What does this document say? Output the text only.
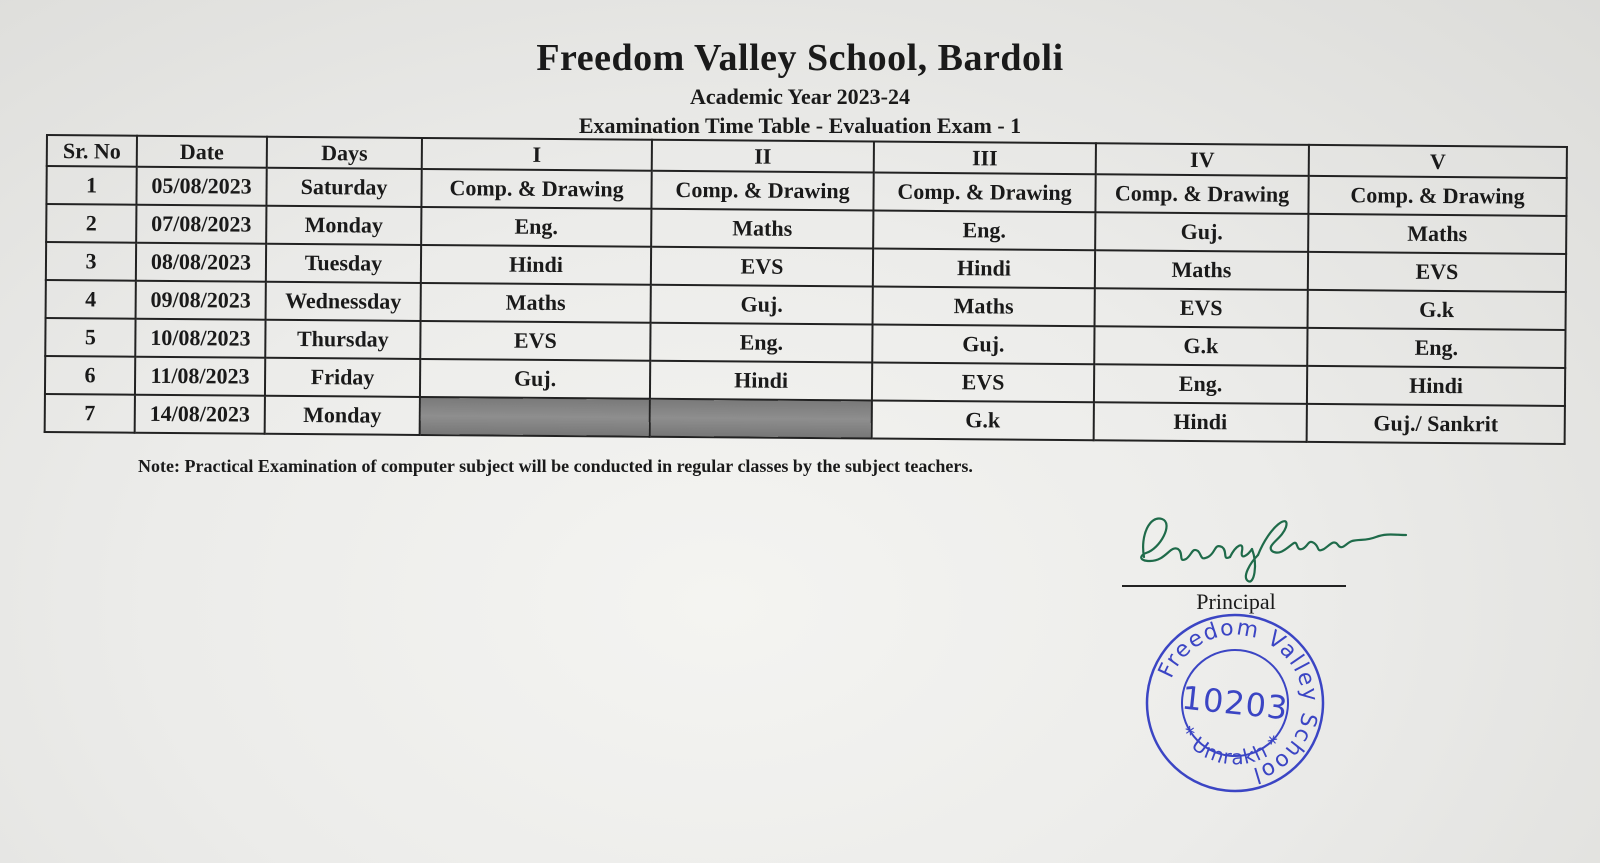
Freedom Valley School, Bardoli
Academic Year 2023-24
Examination Time Table - Evaluation Exam - 1
Sr. No	Date	Days	I	II	III	IV	V
1	05/08/2023	Saturday	Comp. & Drawing	Comp. & Drawing	Comp. & Drawing	Comp. & Drawing	Comp. & Drawing
2	07/08/2023	Monday	Eng.	Maths	Eng.	Guj.	Maths
3	08/08/2023	Tuesday	Hindi	EVS	Hindi	Maths	EVS
4	09/08/2023	Wednessday	Maths	Guj.	Maths	EVS	G.k
5	10/08/2023	Thursday	EVS	Eng.	Guj.	G.k	Eng.
6	11/08/2023	Friday	Guj.	Hindi	EVS	Eng.	Hindi
7	14/08/2023	Monday			G.k	Hindi	Guj./ Sankrit
Note: Practical Examination of computer subject will be conducted in regular classes by the subject teachers.
Principal
Freedom Valley School
* Umrakh *
10203
